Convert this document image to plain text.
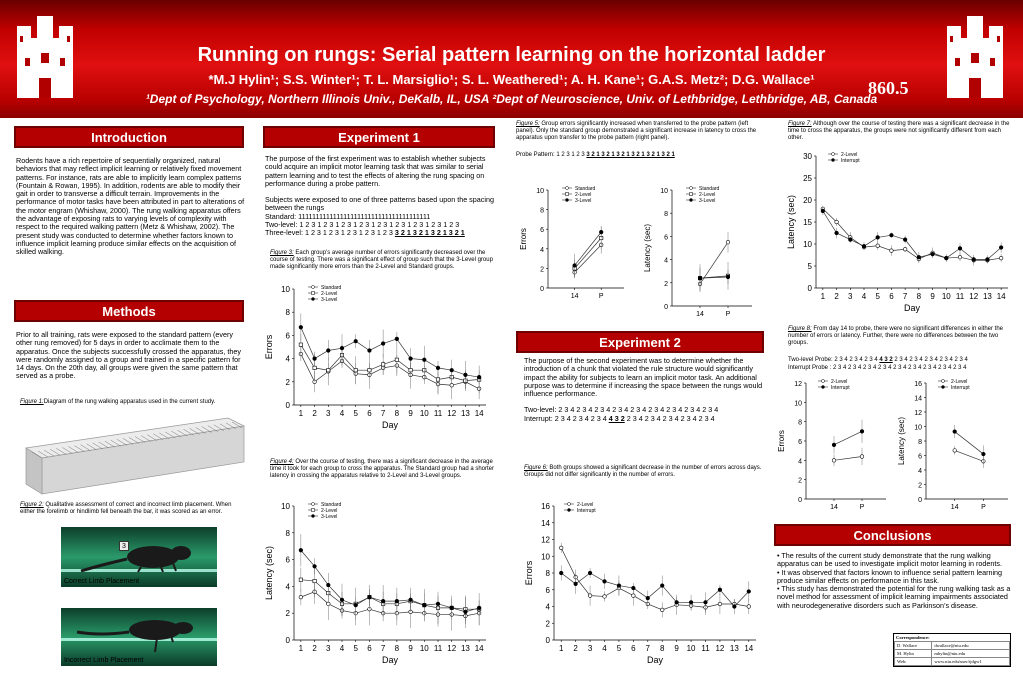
Running on rungs: Serial pattern learning on the horizontal ladder
*M.J Hylin¹; S.S. Winter¹; T. L. Marsiglio¹; S. L. Weathered¹; A. H. Kane¹; G.A.S. Metz²; D.G. Wallace¹
¹Dept of Psychology, Northern Illinois Univ., DeKalb, IL, USA ²Dept of Neuroscience, Univ. of Lethbridge, Lethbridge, AB, Canada
860.5
Introduction
Rodents have a rich repertoire of sequentially organized, natural behaviors that may reflect implicit learning or relatively fixed movement patterns. For instance, rats are able to implicitly learn complex patterns (Fountain & Rowan, 1995). In addition, rodents are able to modify their gait in order to transverse a difficult terrain. Improvements in the performance of motor tasks have been attributed in part to alterations of the motor engram (Whishaw, 2000). The rung walking apparatus offers the advantage of exposing rats to varying levels of complexity with respect to the required walking pattern (Metz & Whishaw, 2002). The present study was conducted to determine whether factors known to influence implicit learning produce similar effects on the acquisition of skilled walking.
Methods
Prior to all training, rats were exposed to the standard pattern (every other rung removed) for 5 days in order to acclimate them to the apparatus. Once the subjects successfully crossed the apparatus, they were randomly assigned to a group and trained in a specific pattern for 14 days. On the 20th day, all groups were given the same pattern that served as a probe.
Figure 1:Diagram of the rung walking apparatus used in the current study.
Figure 2: Qualitative assessment of correct and incorrect limb placement. When either the forelimb or hindlimb fell beneath the bar, it was scored as an error.
3
Correct Limb Placement
Incorrect Limb Placement
Experiment 1
The purpose of the first experiment was to establish whether subjects could acquire an implicit motor learning task that was similar to serial pattern learning and to test the effects of altering the rung spacing on performance during a probe pattern.
Subjects were exposed to one of three patterns based upon the spacing between the rungs
Standard: 11111111111111111111111111111111111111
Two-level: 1 2 3 1 2 3 1 2 3 1 2 3 1 2 3 1 2 3 1 2 3 1 2 3 1 2 3
Three-level: 1 2 3 1 2 3 1 2 3 1 2 3 1 2 3 3 2 1 3 2 1 3 2 1 3 2 1
Figure 3: Each group’s average number of errors significantly decreased over the course of testing. There was a significant effect of group such that the 3-Level group made significantly more errors than the 2-Level and Standard groups.
0
2
4
6
8
10
1 2 3 4 5 6 7 8 9 10 11 12 13 14
Day
Errors
Standard
2-Level
3-Level
Figure 4: Over the course of testing, there was a significant decrease in the average time it took for each group to cross the apparatus. The Standard group had a shorter latency in crossing the apparatus relative to 2-Level and 3-Level groups.
0
2
4
6
8
10
1 2 3 4 5 6 7 8 9 10 11 12 13 14
Day
Latency (sec)
Standard
2-Level
3-Level
Figure 5: Group errors significantly increased when transferred to the probe pattern (left panel). Only the standard group demonstrated a significant increase in latency to cross the apparatus upon transfer to the probe pattern (right panel).
Probe Pattern: 1 2 3 1 2 3 3 2 1 3 2 1 3 2 1 3 2 1 3 2 1 3 2 1
0
2
4
6
8
10
14	P
Errors
Standard
2-Level
3-Level
0
2
4
6
8
10
14	P
Latency (sec)
Standard
2-Level
3-Level
Experiment 2
The purpose of the second experiment was to determine whether the introduction of a chunk that violated the rule structure would significantly impact the ability for subjects to learn an implicit motor task. An additional purpose was to determine if increasing the space between the rungs would influence performance.
Two-level: 2 3 4 2 3 4 2 3 4 2 3 4 2 3 4 2 3 4 2 3 4 2 3 4 2 3 4
Interrupt: 2 3 4 2 3 4 2 3 4 4 3 2 2 3 4 2 3 4 2 3 4 2 3 4 2 3 4
Figure 6: Both groups showed a significant decrease in the number of errors across days. Groups did not differ significantly in the number of errors.
0
2
4
6
8
10
12
14
16
1 2 3 4 5 6 7 8 9 10 11 12 13 14
Day
Errors
2-Level
Interrupt
Figure 7: Although over the course of testing there was a significant decrease in the time to cross the apparatus, the groups were not significantly different from each other.
0
5
10
15
20
25
30
1 2 3 4 5 6 7 8 9 10 11 12 13 14
Day
Latency (sec)
2-Level
Interrupt
Figure 8: From day 14 to probe, there were no significant differences in either the number of errors or latency. Further, there were no differences between the two groups.
Two-level Probe: 2 3 4 2 3 4 2 3 4 4 3 2 2 3 4 2 3 4 2 3 4 2 3 4 2 3 4
Interrupt Probe : 2 3 4 2 3 4 2 3 4 2 3 4 2 3 4 2 3 4 2 3 4 2 3 4 2 3 4
0
2
4
6
8
10
12
14	P
Errors
2-Level
Interrupt
0
2
4
6
8
10
12
14
16
14	P
Latency (sec)
2-Level
Interrupt
Conclusions
• The results of the current study demonstrate that the rung walking apparatus can be used to investigate implicit motor learning in rodents.
• It was observed that factors known to influence serial pattern learning produce similar effects on performance in this task.
• This study has demonstrated the potential for the rung walking task as a novel method for assessment of implicit learning impairments associated with neurodegenerative disorders such as Parkinson’s disease.
Correspondence:
D. Wallace	dwallace@niu.edu
M. Hylin	mhylin@niu.edu
Web:	www.niu.edu/user/tjdgw1
